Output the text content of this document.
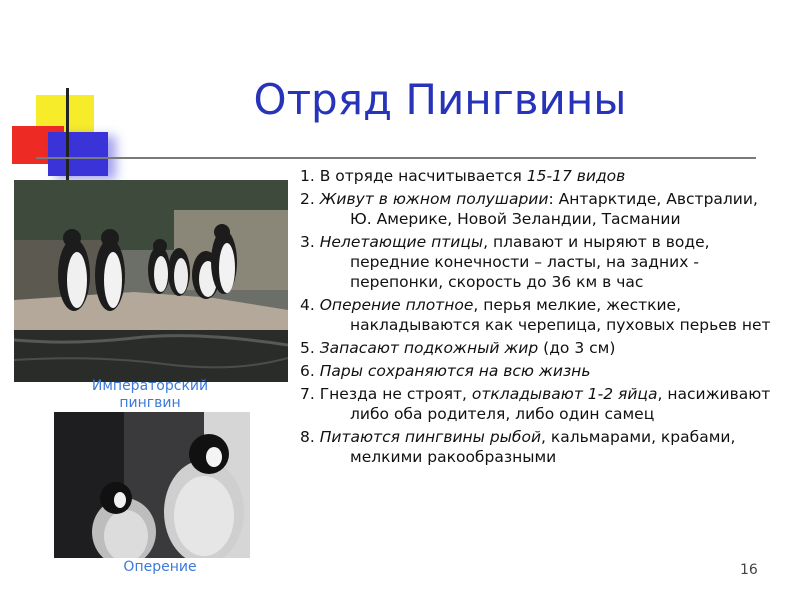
Отряд Пингвины
Императорский пингвин
Оперение
1. В отряде насчитывается 15-17 видов
2. Живут в южном полушарии: Антарктиде, Австралии, Ю. Америке, Новой Зеландии, Тасмании
3. Нелетающие птицы, плавают и ныряют в воде, передние конечности – ласты, на задних - перепонки, скорость до 36 км в час
4. Оперение плотное, перья мелкие, жесткие, накладываются как черепица, пуховых перьев нет
5. Запасают подкожный жир (до 3 см)
6. Пары сохраняются на всю жизнь
7. Гнезда не строят, откладывают 1-2 яйца, насиживают либо оба родителя, либо один самец
8. Питаются пингвины рыбой, кальмарами, крабами, мелкими ракообразными
16
